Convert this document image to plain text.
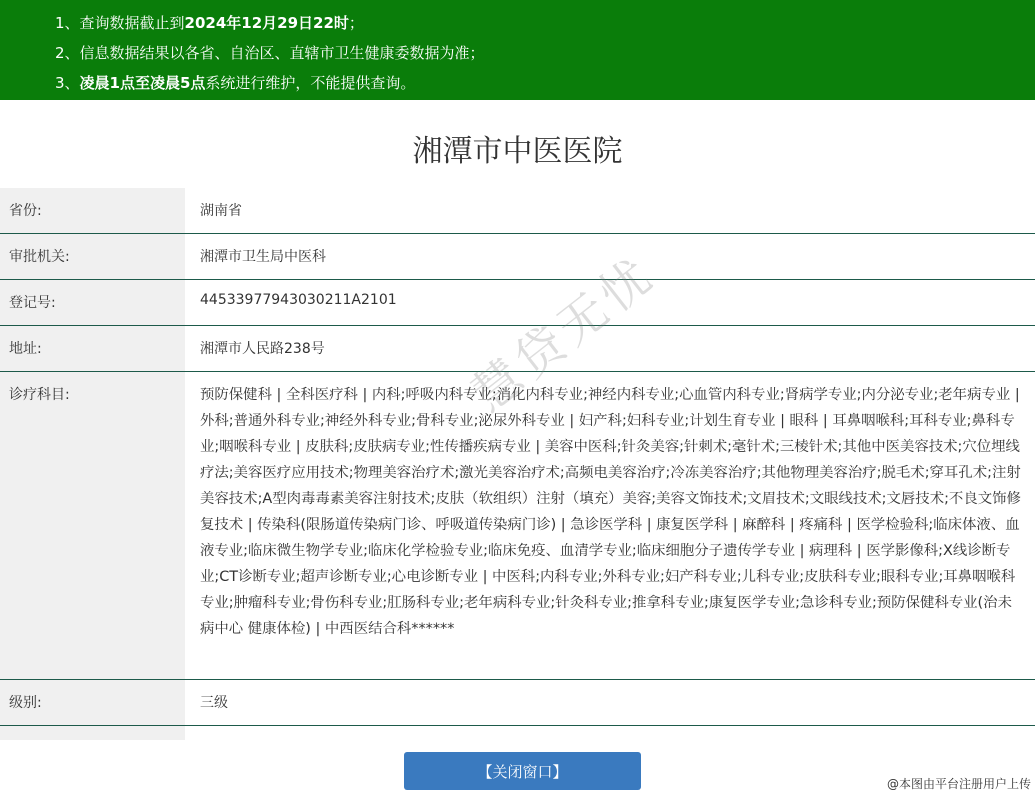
1、查询数据截止到2024年12月29日22时；
2、信息数据结果以各省、自治区、直辖市卫生健康委数据为准；
3、凌晨1点至凌晨5点系统进行维护，不能提供查询。
湘潭市中医医院
省份:	湖南省
审批机关:	湘潭市卫生局中医科
登记号:	44533977943030211A2101
地址:	湘潭市人民路238号
诊疗科目:	预防保健科 | 全科医疗科 | 内科;呼吸内科专业;消化内科专业;神经内科专业;心血管内科专业;肾病学专业;内分泌专业;老年病专业 | 外科;普通外科专业;神经外科专业;骨科专业;泌尿外科专业 | 妇产科;妇科专业;计划生育专业 | 眼科 | 耳鼻咽喉科;耳科专业;鼻科专业;咽喉科专业 | 皮肤科;皮肤病专业;性传播疾病专业 | 美容中医科;针灸美容;针刺术;毫针术;三棱针术;其他中医美容技术;穴位埋线疗法;美容医疗应用技术;物理美容治疗术;激光美容治疗术;高频电美容治疗;冷冻美容治疗;其他物理美容治疗;脱毛术;穿耳孔术;注射美容技术;A型肉毒毒素美容注射技术;皮肤（软组织）注射（填充）美容;美容文饰技术;文眉技术;文眼线技术;文唇技术;不良文饰修复技术 | 传染科(限肠道传染病门诊、呼吸道传染病门诊) | 急诊医学科 | 康复医学科 | 麻醉科 | 疼痛科 | 医学检验科;临床体液、血液专业;临床微生物学专业;临床化学检验专业;临床免疫、血清学专业;临床细胞分子遗传学专业 | 病理科 | 医学影像科;X线诊断专业;CT诊断专业;超声诊断专业;心电诊断专业 | 中医科;内科专业;外科专业;妇产科专业;儿科专业;皮肤科专业;眼科专业;耳鼻咽喉科专业;肿瘤科专业;骨伤科专业;肛肠科专业;老年病科专业;针灸科专业;推拿科专业;康复医学专业;急诊科专业;预防保健科专业(治未病中心 健康体检) | 中西医结合科******
级别:	三级
慧贷无忧
【关闭窗口】
@本图由平台注册用户上传
